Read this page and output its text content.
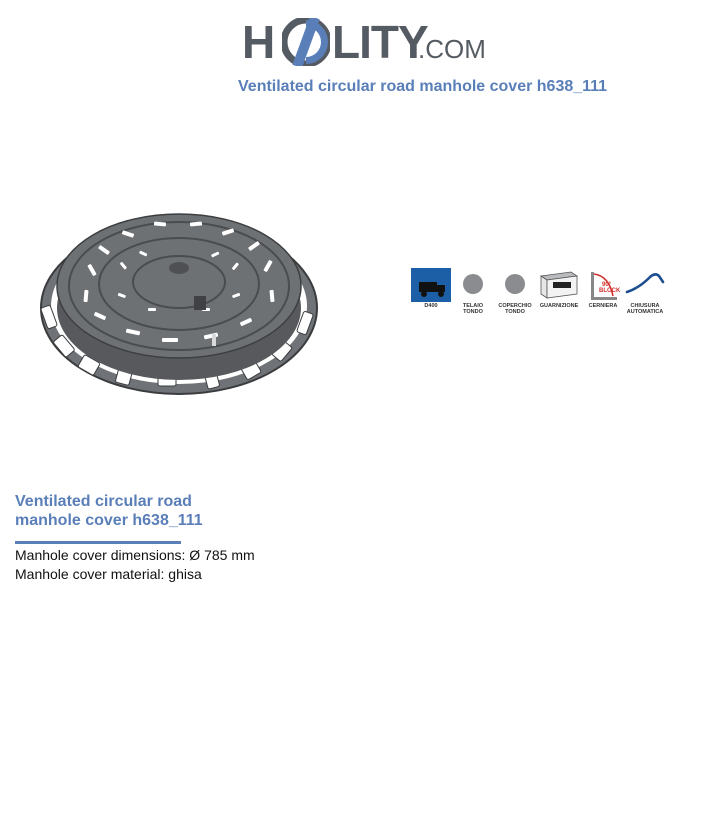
H LITY
.COM
Ventilated circular road manhole cover h638_111
D400	TELAIO
TONDO
COPERCHIO
TONDO
GUARNIZIONE
90°
BLOCK
CERNIERA	CHIUSURA
AUTOMATICA
Ventilated circular road manhole cover h638_111
Manhole cover dimensions: Ø 785 mm
Manhole cover material: ghisa
